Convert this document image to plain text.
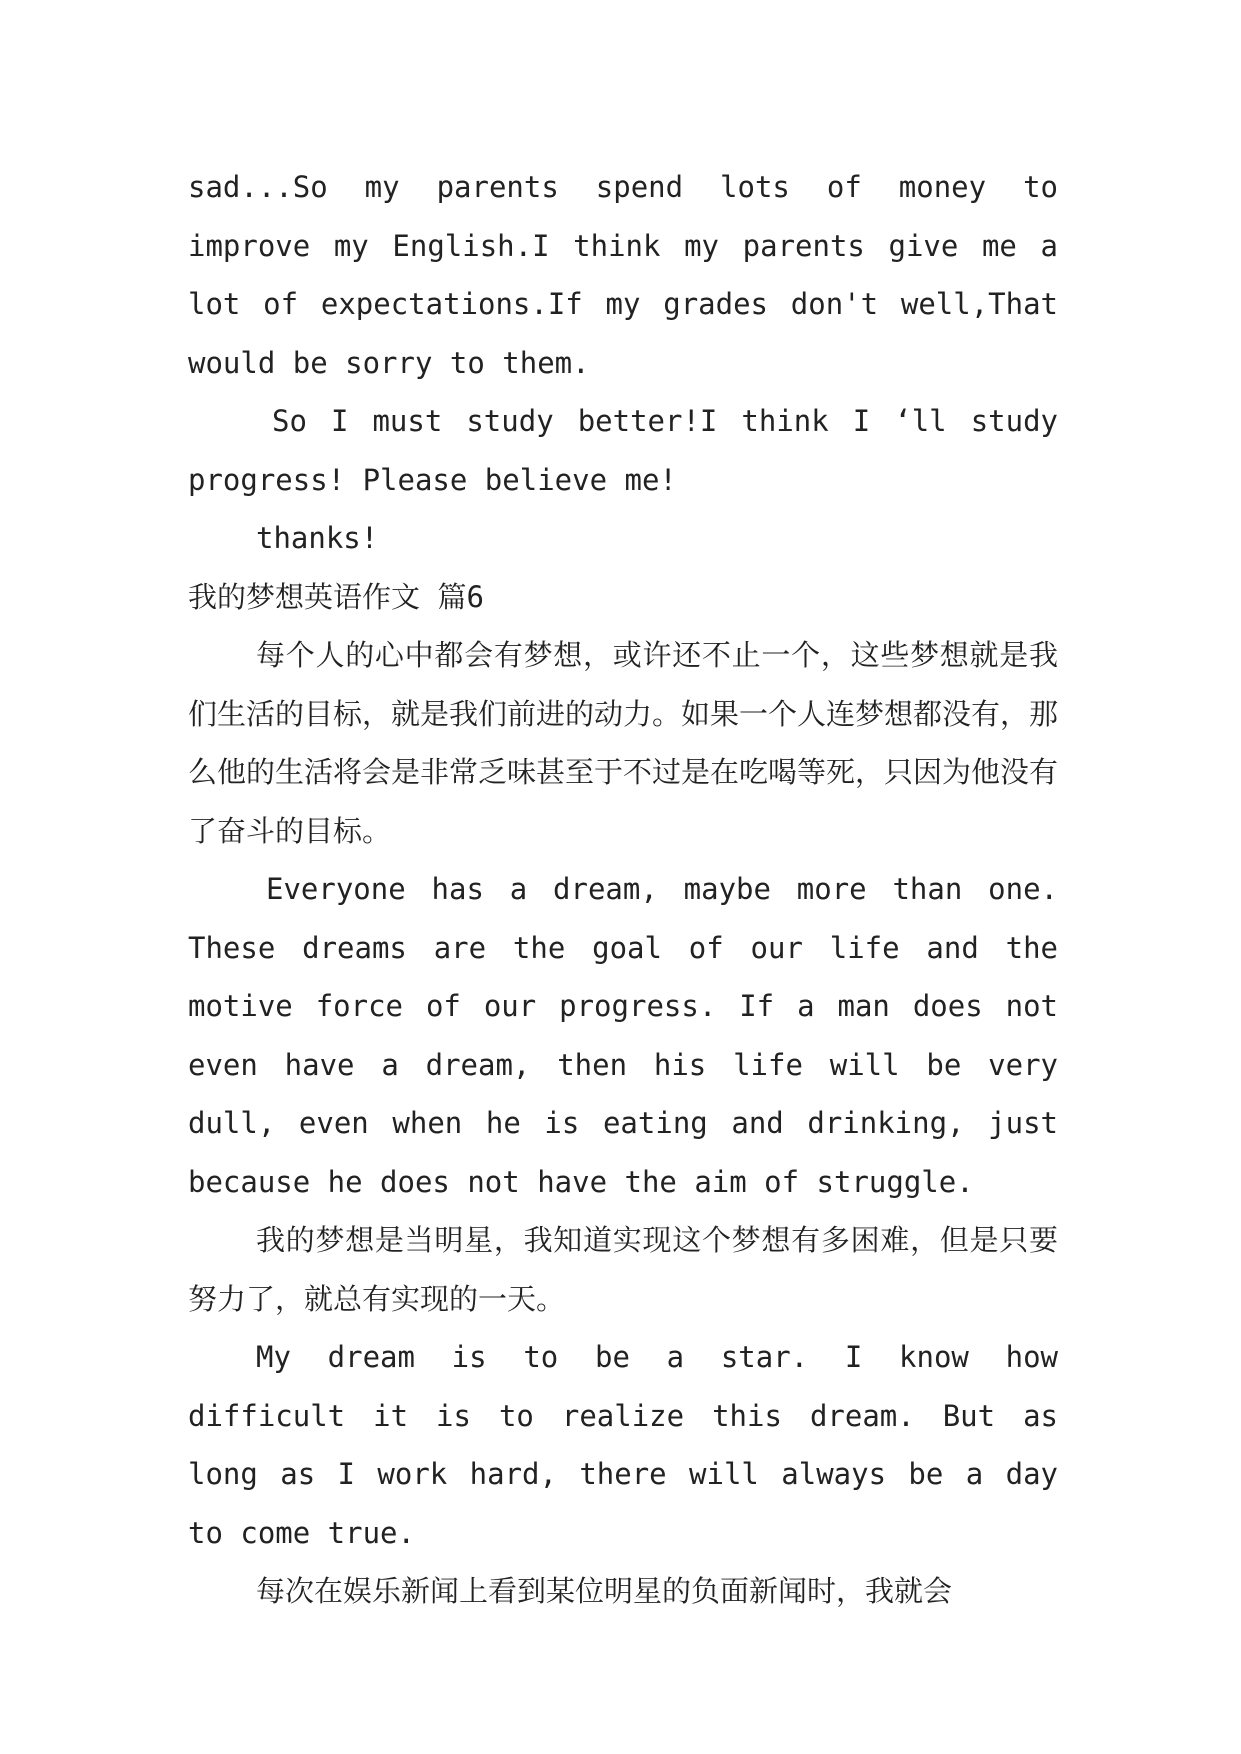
sad...So my parents spend lots of money to improve my English.I think my parents give me a lot of expectations.If my grades don't well,That would be sorry to them.

So I must study better!I think I ‘ll study progress! Please believe me!

thanks!

我的梦想英语作文 篇6

每个人的心中都会有梦想，或许还不止一个，这些梦想就是我们生活的目标，就是我们前进的动力。如果一个人连梦想都没有，那么他的生活将会是非常乏味甚至于不过是在吃喝等死，只因为他没有了奋斗的目标。

Everyone has a dream, maybe more than one. These dreams are the goal of our life and the motive force of our progress. If a man does not even have a dream, then his life will be very dull, even when he is eating and drinking, just because he does not have the aim of struggle.

我的梦想是当明星，我知道实现这个梦想有多困难，但是只要努力了，就总有实现的一天。

My dream is to be a star. I know how difficult it is to realize this dream. But as long as I work hard, there will always be a day to come true.

每次在娱乐新闻上看到某位明星的负面新闻时，我就会
